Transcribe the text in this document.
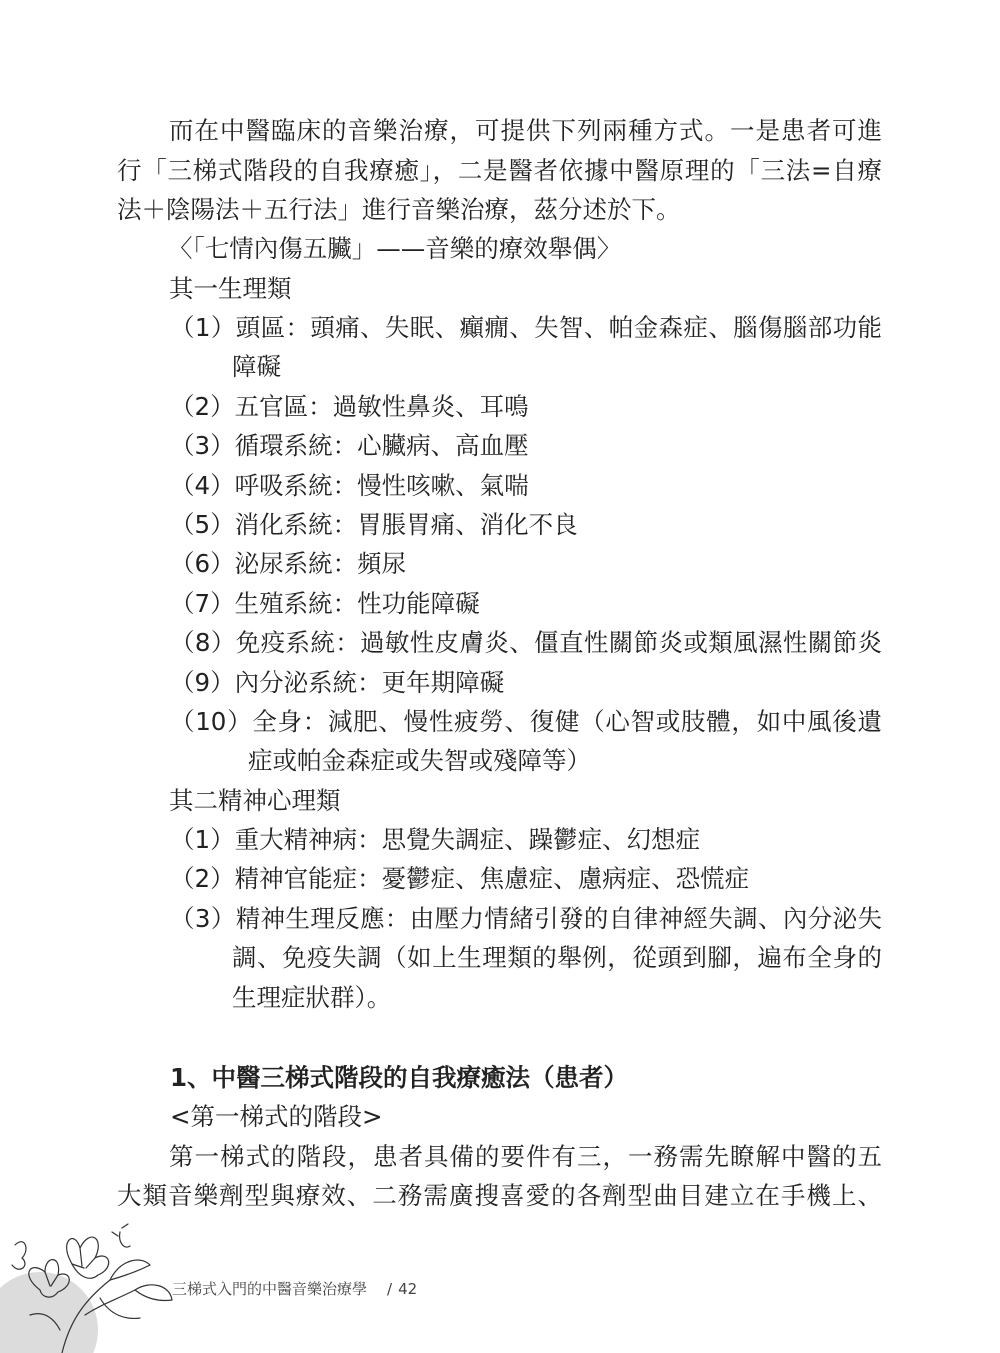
而在中醫臨床的音樂治療，可提供下列兩種方式。一是患者可進
行「三梯式階段的自我療癒」，二是醫者依據中醫原理的「三法=自療
法＋陰陽法＋五行法」進行音樂治療，茲分述於下。
〈「七情內傷五臟」——音樂的療效舉偶〉
其一生理類
（1）頭區：頭痛、失眠、癲癇、失智、帕金森症、腦傷腦部功能
障礙
（2）五官區：過敏性鼻炎、耳鳴
（3）循環系統：心臟病、高血壓
（4）呼吸系統：慢性咳嗽、氣喘
（5）消化系統：胃脹胃痛、消化不良
（6）泌尿系統：頻尿
（7）生殖系統：性功能障礙
（8）免疫系統：過敏性皮膚炎、僵直性關節炎或類風濕性關節炎
（9）內分泌系統：更年期障礙
（10）全身：減肥、慢性疲勞、復健（心智或肢體，如中風後遺
症或帕金森症或失智或殘障等）
其二精神心理類
（1）重大精神病：思覺失調症、躁鬱症、幻想症
（2）精神官能症：憂鬱症、焦慮症、慮病症、恐慌症
（3）精神生理反應：由壓力情緒引發的自律神經失調、內分泌失
調、免疫失調（如上生理類的舉例，從頭到腳，遍布全身的
生理症狀群）。
1、中醫三梯式階段的自我療癒法（患者）
<第一梯式的階段>
第一梯式的階段，患者具備的要件有三，一務需先瞭解中醫的五
大類音樂劑型與療效、二務需廣搜喜愛的各劑型曲目建立在手機上、
三梯式入門的中醫音樂治療學 / 42
